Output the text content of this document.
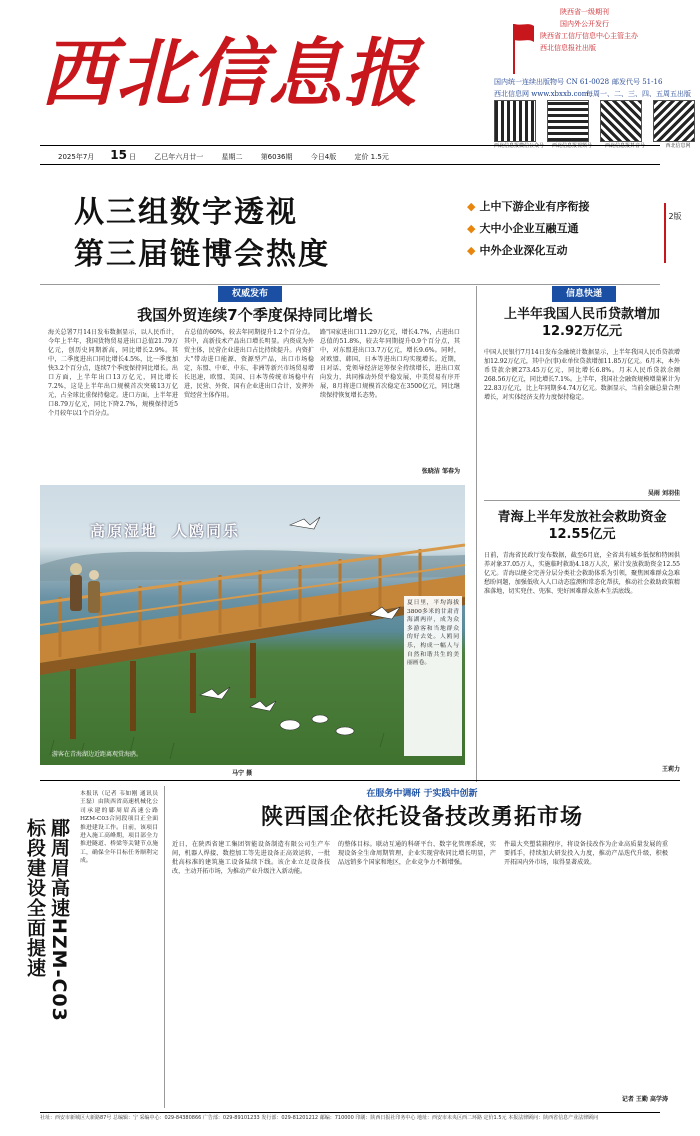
西北信息报
陕西省一级期刊
国内外公开发行
陕西省工信厅信息中心主管主办
西北信息报社出版
国内统一连续出版物号 CN 61-0028 邮发代号 51-16
西北信息网 www.xbxxb.com
每周一、二、三、四、五周五出版
西北信息报微信公众号	西北信息报视频号	西北信息报抖音号	西北信息网
2025年7月 15 日	乙巳年六月廿一	星期二	第6036期	今日4版	定价 1.5元
从三组数字透视
第三届链博会热度
◆ 上中下游企业有序衔接
◆ 大中小企业互融互通
◆ 中外企业深化互动
2版
权威发布
我国外贸连续7个季度保持同比增长
海关总署7月14日发布数据显示，以人民币计，今年上半年，我国货物贸易进出口总值21.79万亿元，创历史同期新高，同比增长2.9%。其中，二季度进出口同比增长4.5%，比一季度加快3.2个百分点，连续7个季度保持同比增长。出口方面，上半年出口13万亿元，同比增长7.2%，这是上半年出口规模首次突破13万亿元，占全球比重保持稳定。进口方面，上半年进口8.79万亿元，同比下降2.7%，规模保持近5个月较年以1个百分点。
占总值的60%，较去年同期提升1.2个百分点。其中，高新技术产品出口增长明显。内资成为外贸主体，民营企业进出口占比持续提升。内资扩大"带动进口能源、资源型产品，出口市场稳定，东盟、中亚、中东、非洲等新兴市场贸易增长迅速，欧盟、美国、日本等传统市场稳中有进，民营、外资、国有企业进出口合计，发挥外贸经营主体作用。
路"国家进出口11.29万亿元，增长4.7%，占进出口总值的51.8%，较去年同期提升0.9个百分点，其中，对东盟进出口3.7万亿元，增长9.6%。同时，对欧盟、韩国、日本等进出口均实现增长。近期，日对话、党领导经济运筹保全持续增长，进出口双向发力，共同推动外贸平稳发展，中美贸易有序开展，8月将进口规模首次稳定在3500亿元，同比继续保持恢复增长态势。
张晓洁 邹春为
游客在青海湖边近距离观赏海鸥。
高原湿地 人鸥同乐
夏日里，平均海拔3800多米的甘肃青海湖两岸，成为众多游客和当地群众的好去处。人鸥同乐，构成一幅人与自然和谐共生的美丽画卷。
马宁 摄
信息快递
上半年我国人民币贷款增加12.92万亿元
中国人民银行7月14日发布金融统计数据显示，上半年我国人民币贷款增加12.92万亿元，其中企(事)业单位贷款增加11.85万亿元。6月末，本外币贷款余额273.45万亿元，同比增长6.8%。月末人民币贷款余额268.56万亿元，同比增长7.1%。上半年，我国社会融资规模增量累计为22.83万亿元，比上年同期多4.74万亿元。数据显示，当前金融总量合理增长，对实体经济支持力度保持稳定。
吴雨 刘羽佳
青海上半年发放社会救助资金12.55亿元
日前，青海省民政厅发布数据，截至6月底，全省共有城乡低保和特困供养对象37.05万人，实施临时救助4.18万人次，累计发放救助资金12.55亿元。青海以健全完善分层分类社会救助体系为引领，聚焦困难群众急难愁盼问题，加强低收入人口动态监测和常态化帮扶，推动社会救助政策精准落地，切实兜住、兜准、兜好困难群众基本生活底线。
王莉力
郿周眉高速HZM-C03
标段建设全面提速
本报讯（记者 韦如刚 通讯员 王磊）由陕西省高速机械化公司承建的郿周眉高速公路HZM-C03合同段项目正全面推进建设工作。日前，该项目进入施工高峰期，项目部全力推进隧道、桥梁等关键节点施工，确保全年目标任务顺利完成。
在服务中调研 于实践中创新
陕西国企依托设备技改勇拓市场
近日，在陕西省建工集团智能设备制造有限公司生产车间，机器人焊接、数控加工等先进设备正高效运转，一批批高标准的建筑施工设备陆续下线。该企业立足设备技改，主动开拓市场，为推动产业升级注入新动能。
的整体目标。联动互通的科研平台、数字化管理系统，实现设备全生命周期管理，企业实现营收同比增长明显，产品远销多个国家和地区，企业竞争力不断增强。
件最大夹塑装箱程序，将设备技改作为企业高质量发展的重要抓手，持续加大研发投入力度，推动产品迭代升级，积极开拓国内外市场，取得显著成效。
记者 王勤 高学涛
社址：西安市新城区大新路87号 总编辑：宁 采编中心：029-84380866 广告部：029-89101233 发行部：029-81201212 邮编：710000 印刷：陕西日报社印务中心 地址：西安市未央区西二环路 定价1.5元 本报法律顾问：陕西省信息产业法律顾问
